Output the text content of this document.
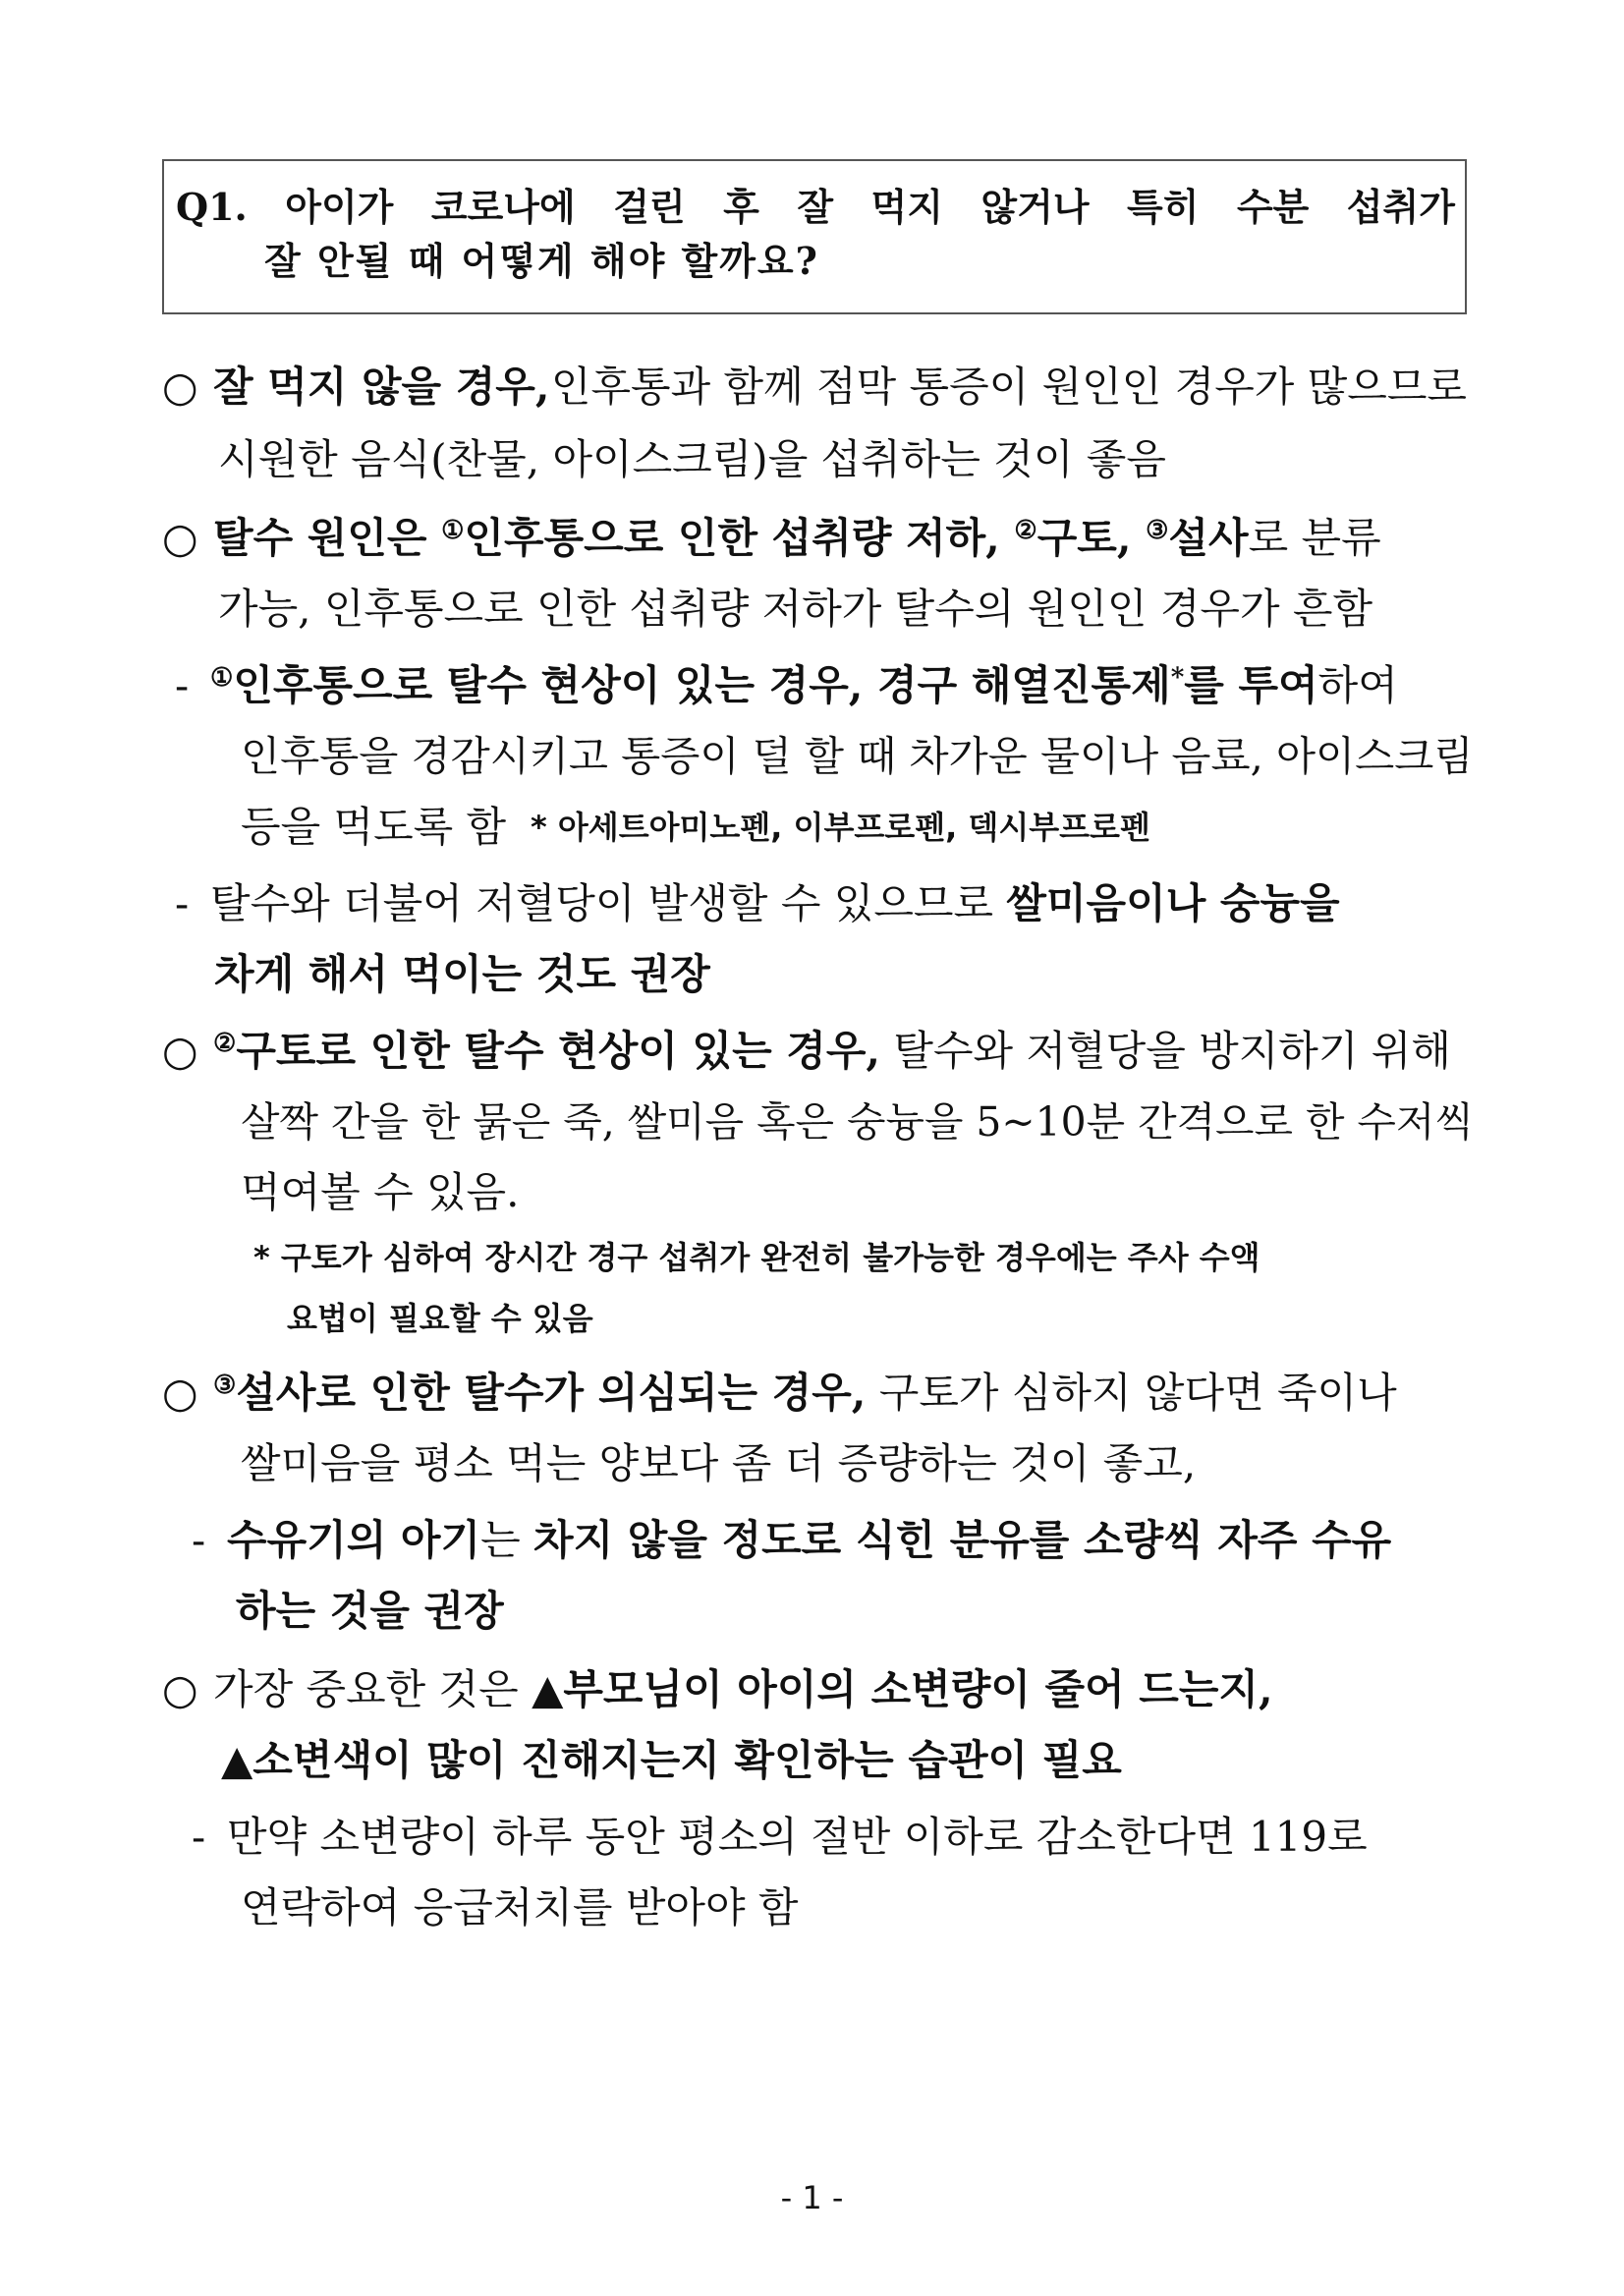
Q1. 아이가 코로나에 걸린 후 잘 먹지 않거나 특히 수분 섭취가
잘 안될 때 어떻게 해야 할까요?
○ 잘 먹지 않을 경우, 인후통과 함께 점막 통증이 원인인 경우가 많으므로
시원한 음식(찬물, 아이스크림)을 섭취하는 것이 좋음
○ 탈수 원인은 ①인후통으로 인한 섭취량 저하, ②구토, ③설사로 분류
가능, 인후통으로 인한 섭취량 저하가 탈수의 원인인 경우가 흔함
- ①인후통으로 탈수 현상이 있는 경우, 경구 해열진통제*를 투여하여
인후통을 경감시키고 통증이 덜 할 때 차가운 물이나 음료, 아이스크림
등을 먹도록 함 * 아세트아미노펜, 이부프로펜, 덱시부프로펜
- 탈수와 더불어 저혈당이 발생할 수 있으므로 쌀미음이나 숭늉을
차게 해서 먹이는 것도 권장
○ ②구토로 인한 탈수 현상이 있는 경우, 탈수와 저혈당을 방지하기 위해
살짝 간을 한 묽은 죽, 쌀미음 혹은 숭늉을 5~10분 간격으로 한 수저씩
먹여볼 수 있음.
* 구토가 심하여 장시간 경구 섭취가 완전히 불가능한 경우에는 주사 수액
요법이 필요할 수 있음
○ ③설사로 인한 탈수가 의심되는 경우, 구토가 심하지 않다면 죽이나
쌀미음을 평소 먹는 양보다 좀 더 증량하는 것이 좋고,
- 수유기의 아기는 차지 않을 정도로 식힌 분유를 소량씩 자주 수유
하는 것을 권장
○ 가장 중요한 것은 ▲부모님이 아이의 소변량이 줄어 드는지,
▲소변색이 많이 진해지는지 확인하는 습관이 필요
- 만약 소변량이 하루 동안 평소의 절반 이하로 감소한다면 119로
연락하여 응급처치를 받아야 함
- 1 -
